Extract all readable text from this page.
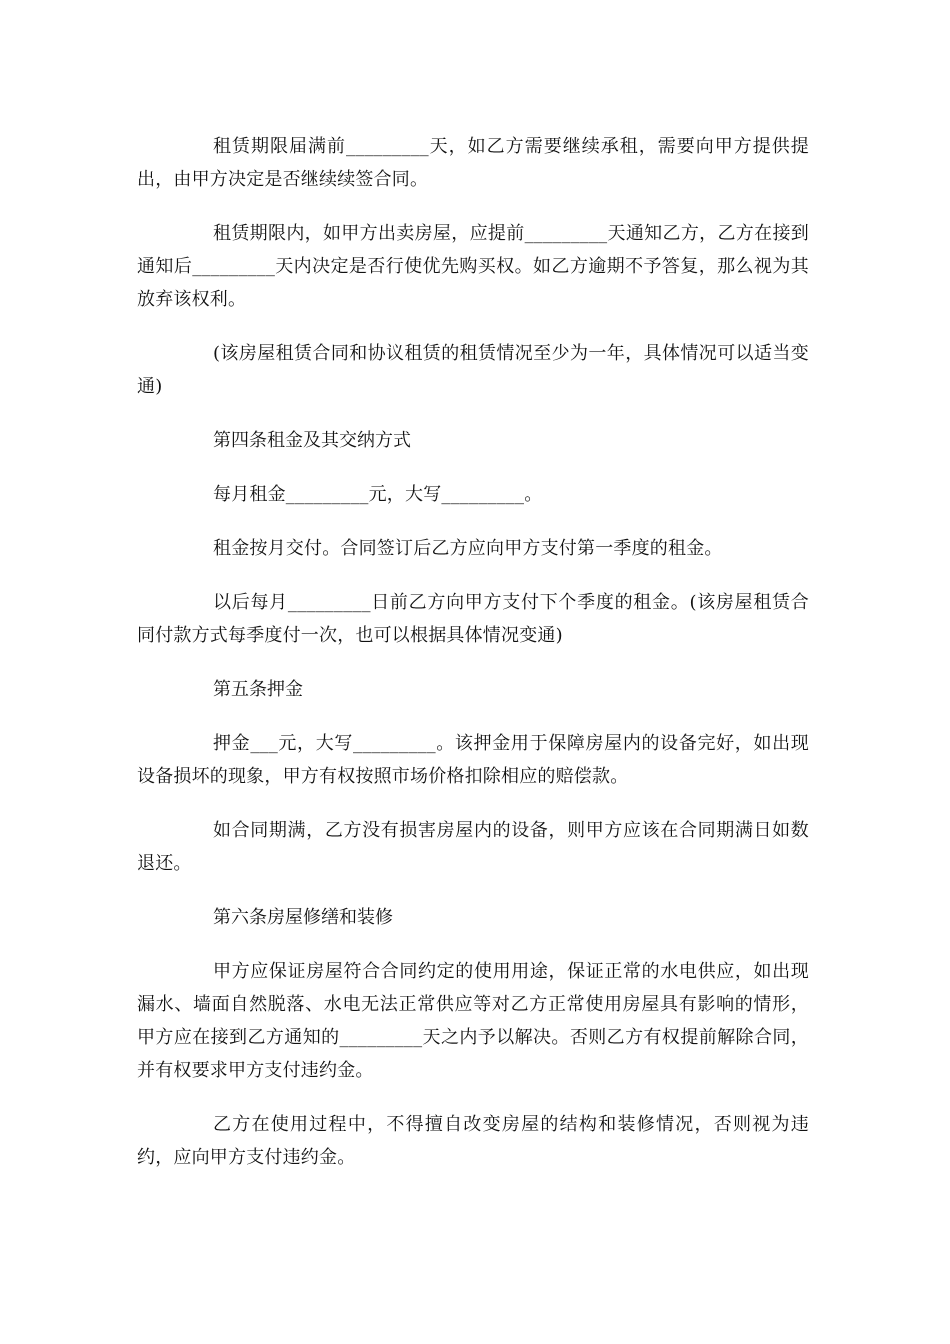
租赁期限届满前_________天，如乙方需要继续承租，需要向甲方提供提出，由甲方决定是否继续续签合同。

租赁期限内，如甲方出卖房屋，应提前_________天通知乙方，乙方在接到通知后_________天内决定是否行使优先购买权。如乙方逾期不予答复，那么视为其放弃该权利。

(该房屋租赁合同和协议租赁的租赁情况至少为一年，具体情况可以适当变通)

第四条租金及其交纳方式

每月租金_________元，大写_________。

租金按月交付。合同签订后乙方应向甲方支付第一季度的租金。

以后每月_________日前乙方向甲方支付下个季度的租金。(该房屋租赁合同付款方式每季度付一次，也可以根据具体情况变通)

第五条押金

押金___元，大写_________。该押金用于保障房屋内的设备完好，如出现设备损坏的现象，甲方有权按照市场价格扣除相应的赔偿款。

如合同期满，乙方没有损害房屋内的设备，则甲方应该在合同期满日如数退还。

第六条房屋修缮和装修

甲方应保证房屋符合合同约定的使用用途，保证正常的水电供应，如出现漏水、墙面自然脱落、水电无法正常供应等对乙方正常使用房屋具有影响的情形，甲方应在接到乙方通知的_________天之内予以解决。否则乙方有权提前解除合同，并有权要求甲方支付违约金。

乙方在使用过程中，不得擅自改变房屋的结构和装修情况，否则视为违约，应向甲方支付违约金。
